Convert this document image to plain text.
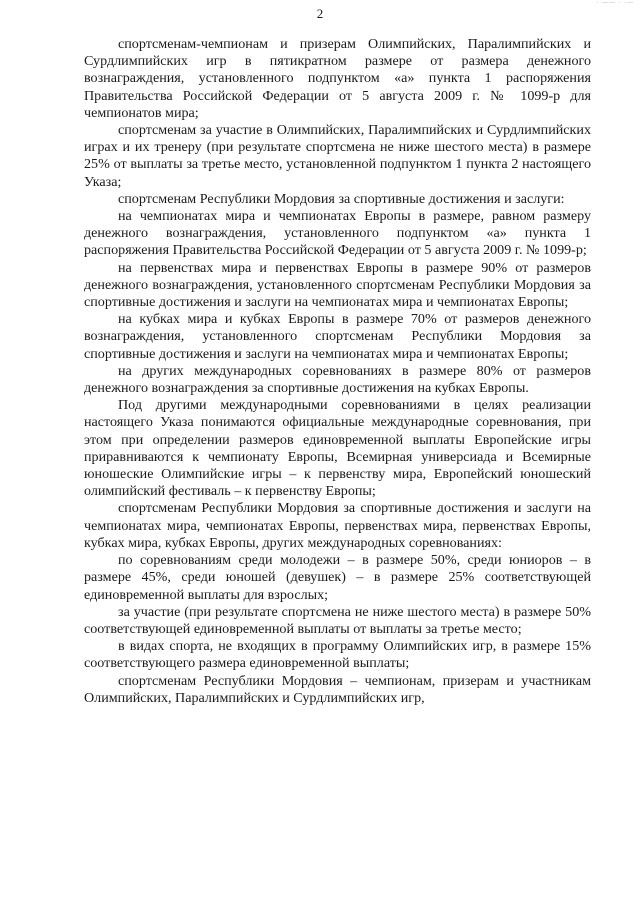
· —— · ·—
2

спортсменам-чемпионам и призерам Олимпийских, Паралимпийских и Сурдлимпийских игр в пятикратном размере от размера денежного вознаграждения, установленного подпунктом «а» пункта 1 распоряжения Правительства Российской Федерации от 5 августа 2009 г. № 1099-р для чемпионатов мира;

спортсменам за участие в Олимпийских, Паралимпийских и Сурдлимпийских играх и их тренеру (при результате спортсмена не ниже шестого места) в размере 25% от выплаты за третье место, установленной подпунктом 1 пункта 2 настоящего Указа;

спортсменам Республики Мордовия за спортивные достижения и заслуги:

на чемпионатах мира и чемпионатах Европы в размере, равном размеру денежного вознаграждения, установленного подпунктом «а» пункта 1 распоряжения Правительства Российской Федерации от 5 августа 2009 г. № 1099-р;

на первенствах мира и первенствах Европы в размере 90% от размеров денежного вознаграждения, установленного спортсменам Республики Мордовия за спортивные достижения и заслуги на чемпионатах мира и чемпионатах Европы;

на кубках мира и кубках Европы в размере 70% от размеров денежного вознаграждения, установленного спортсменам Республики Мордовия за спортивные достижения и заслуги на чемпионатах мира и чемпионатах Европы;

на других международных соревнованиях в размере 80% от размеров денежного вознаграждения за спортивные достижения на кубках Европы.

Под другими международными соревнованиями в целях реализации настоящего Указа понимаются официальные международные соревнования, при этом при определении размеров единовременной выплаты Европейские игры приравниваются к чемпионату Европы, Всемирная универсиада и Всемирные юношеские Олимпийские игры – к первенству мира, Европейский юношеский олимпийский фестиваль – к первенству Европы;

спортсменам Республики Мордовия за спортивные достижения и заслуги на чемпионатах мира, чемпионатах Европы, первенствах мира, первенствах Европы, кубках мира, кубках Европы, других международных соревнованиях:

по соревнованиям среди молодежи – в размере 50%, среди юниоров – в размере 45%, среди юношей (девушек) – в размере 25% соответствующей единовременной выплаты для взрослых;

за участие (при результате спортсмена не ниже шестого места) в размере 50% соответствующей единовременной выплаты от выплаты за третье место;

в видах спорта, не входящих в программу Олимпийских игр, в размере 15% соответствующего размера единовременной выплаты;

спортсменам Республики Мордовия – чемпионам, призерам и участникам Олимпийских, Паралимпийских и Сурдлимпийских игр,
